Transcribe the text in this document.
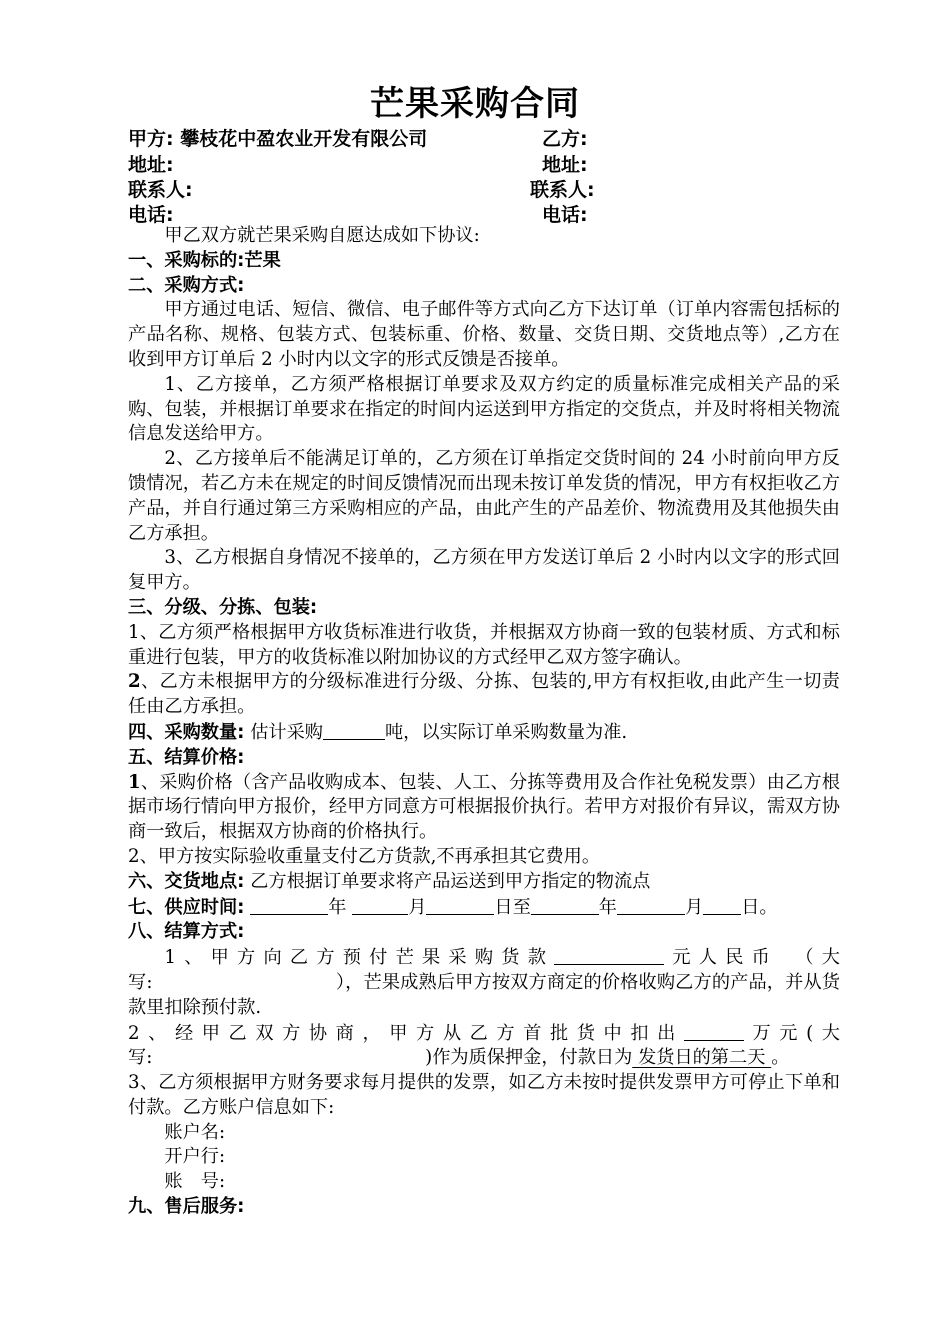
芒果采购合同
甲方: 攀枝花中盈农业开发有限公司	乙方:
地址:	地址:
联系人:	联系人:
电话:	电话:

甲乙双方就芒果采购自愿达成如下协议:

一、采购标的:芒果

二、采购方式:

甲方通过电话、短信、微信、电子邮件等方式向乙方下达订单（订单内容需包括标的产品名称、规格、包装方式、包装标重、价格、数量、交货日期、交货地点等）,乙方在收到甲方订单后 2 小时内以文字的形式反馈是否接单。

1、乙方接单，乙方须严格根据订单要求及双方约定的质量标准完成相关产品的采购、包装，并根据订单要求在指定的时间内运送到甲方指定的交货点，并及时将相关物流信息发送给甲方。

2、乙方接单后不能满足订单的，乙方须在订单指定交货时间的 24 小时前向甲方反馈情况，若乙方未在规定的时间反馈情况而出现未按订单发货的情况，甲方有权拒收乙方产品，并自行通过第三方采购相应的产品，由此产生的产品差价、物流费用及其他损失由乙方承担。

3、乙方根据自身情况不接单的，乙方须在甲方发送订单后 2 小时内以文字的形式回复甲方。

三、分级、分拣、包装:

1、乙方须严格根据甲方收货标准进行收货，并根据双方协商一致的包装材质、方式和标重进行包装，甲方的收货标准以附加协议的方式经甲乙双方签字确认。

2、乙方未根据甲方的分级标准进行分级、分拣、包装的,甲方有权拒收,由此产生一切责任由乙方承担。

四、采购数量: 估计采购	吨，以实际订单采购数量为准.

五、结算价格:

1、采购价格（含产品收购成本、包装、人工、分拣等费用及合作社免税发票）由乙方根据市场行情向甲方报价，经甲方同意方可根据报价执行。若甲方对报价有异议，需双方协商一致后，根据双方协商的价格执行。

2、甲方按实际验收重量支付乙方货款,不再承担其它费用。

六、交货地点: 乙方根据订单要求将产品运送到甲方指定的物流点

七、供应时间:	年	月	日至	年	月 日。

八、结算方式:

1、甲方向乙方预付芒果采购货款	元人民币　（大写:　　　　　　　　　　），芒果成熟后甲方按双方商定的价格收购乙方的产品，并从货款里扣除预付款.

2、经甲乙双方协商，甲方从乙方首批货中扣出	万元(大写:　　　　　　　　　　　　　　　)作为质保押金，付款日为 发货日的第二天 。

3、乙方须根据甲方财务要求每月提供的发票，如乙方未按时提供发票甲方可停止下单和付款。乙方账户信息如下:

账户名:

开户行:

账　号:

九、售后服务:
